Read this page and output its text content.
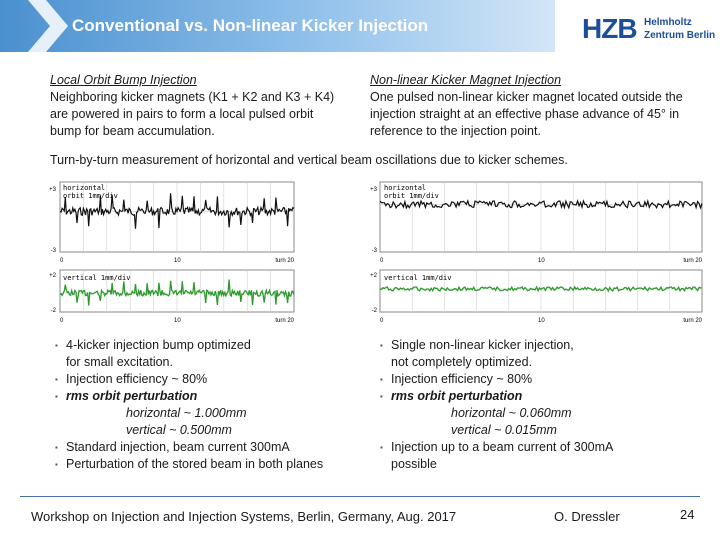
Conventional vs. Non-linear Kicker Injection	HZB Helmholtz
Zentrum Berlin
Local Orbit Bump Injection
Neighboring kicker magnets (K1 + K2 and K3 + K4) are powered in pairs to form a local pulsed orbit bump for beam accumulation.
Non-linear Kicker Magnet Injection
One pulsed non-linear kicker magnet located outside the injection straight at an effective phase advance of 45° in reference to the injection point.
Turn-by-turn measurement of horizontal and vertical beam oscillations due to kicker schemes.
horizontal
orbit 1mm/div
+3
-3
0	10	turn 20
vertical 1mm/div
+2
-2
0	10	turn 20
horizontal
orbit 1mm/div
+3
-3
0	10	turn 20
vertical 1mm/div
+2
-2
0	10	turn 20
▪ 4-kicker injection bump optimized
for small excitation.
▪ Injection efficiency ~ 80%
▪ rms orbit perturbation
horizontal ~ 1.000mm
vertical ~ 0.500mm
▪ Standard injection, beam current 300mA
▪ Perturbation of the stored beam in both planes
▪ Single non-linear kicker injection,
not completely optimized.
▪ Injection efficiency ~ 80%
▪ rms orbit perturbation
horizontal ~ 0.060mm
vertical ~ 0.015mm
▪ Injection up to a beam current of 300mA
possible
Workshop on Injection and Injection Systems, Berlin, Germany, Aug. 2017	O. Dressler	24
